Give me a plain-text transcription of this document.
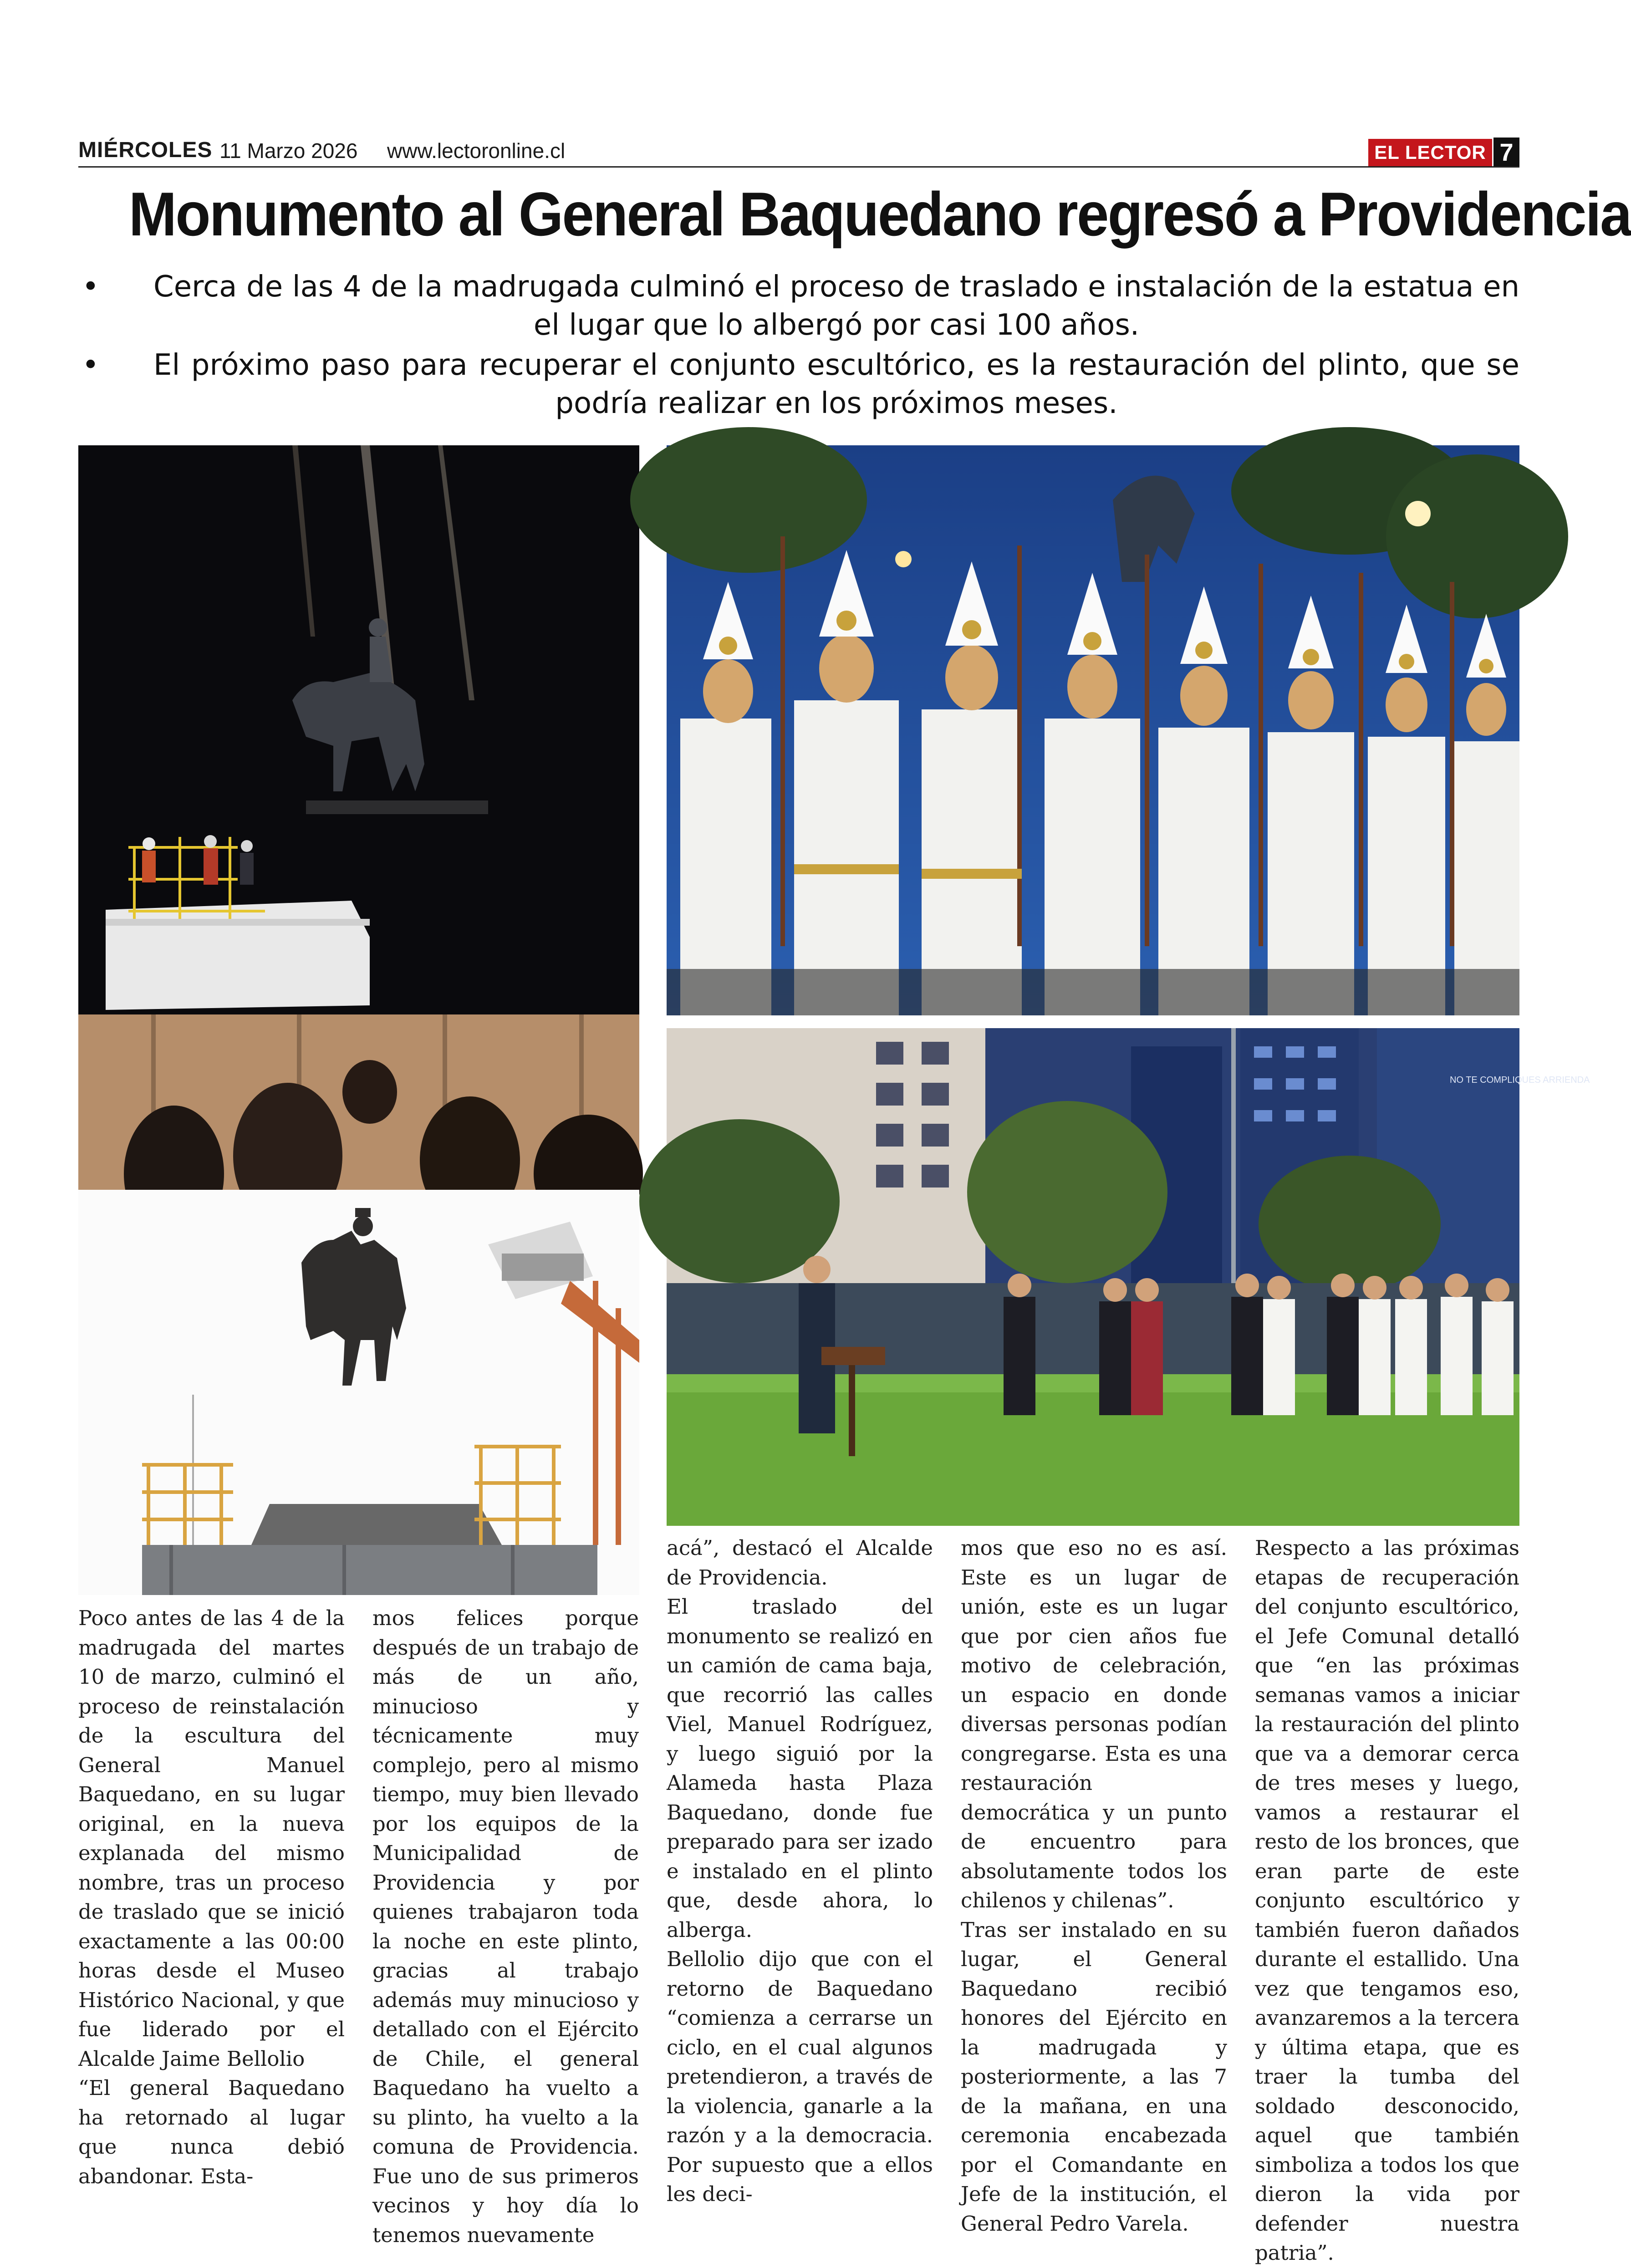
MIÉRCOLES 11 Marzo 2026 www.lectoronline.cl	EL LECTOR 7
Monumento al General Baquedano regresó a Providencia
• Cerca de las 4 de la madrugada culminó el proceso de traslado e instalación de la estatua en el lugar que lo albergó por casi 100 años.
• El próximo paso para recuperar el conjunto escultórico, es la restauración del plinto, que se podría realizar en los próximos meses.
NO TE COMPLIQUES ARRIENDA

Poco antes de las 4 de la madrugada del martes 10 de marzo, culminó el proceso de reinstalación de la escultura del General Manuel Baquedano, en su lugar original, en la nueva explanada del mismo nombre, tras un proceso de traslado que se inició exactamente a las 00:00 horas desde el Museo Histórico Nacional, y que fue liderado por el Alcalde Jaime Bellolio

“El general Baquedano ha retornado al lugar que nunca debió abandonar. Esta-

mos felices porque después de un trabajo de más de un año, minucioso y técnicamente muy complejo, pero al mismo tiempo, muy bien llevado por los equipos de la Municipalidad de Providencia y por quienes trabajaron toda la noche en este plinto, gracias al trabajo además muy minucioso y detallado con el Ejército de Chile, el general Baquedano ha vuelto a su plinto, ha vuelto a la comuna de Providencia. Fue uno de sus primeros vecinos y hoy día lo tenemos nuevamente

acá”, destacó el Alcalde de Providencia.

El traslado del monumento se realizó en un camión de cama baja, que recorrió las calles Viel, Manuel Rodríguez, y luego siguió por la Alameda hasta Plaza Baquedano, donde fue preparado para ser izado e instalado en el plinto que, desde ahora, lo alberga.

Bellolio dijo que con el retorno de Baquedano “comienza a cerrarse un ciclo, en el cual algunos pretendieron, a través de la violencia, ganarle a la razón y a la democracia. Por supuesto que a ellos les deci-

mos que eso no es así. Este es un lugar de unión, este es un lugar que por cien años fue motivo de celebración, un espacio en donde diversas personas podían congregarse. Esta es una restauración democrática y un punto de encuentro para absolutamente todos los chilenos y chilenas”.

Tras ser instalado en su lugar, el General Baquedano recibió honores del Ejército en la madrugada y posteriormente, a las 7 de la mañana, en una ceremonia encabezada por el Comandante en Jefe de la institución, el General Pedro Varela.

Respecto a las próximas etapas de recuperación del conjunto escultórico, el Jefe Comunal detalló que “en las próximas semanas vamos a iniciar la restauración del plinto que va a demorar cerca de tres meses y luego, vamos a restaurar el resto de los bronces, que eran parte de este conjunto escultórico y también fueron dañados durante el estallido. Una vez que tengamos eso, avanzaremos a la tercera y última etapa, que es traer la tumba del soldado desconocido, aquel que también simboliza a todos los que dieron la vida por defender nuestra patria”.
